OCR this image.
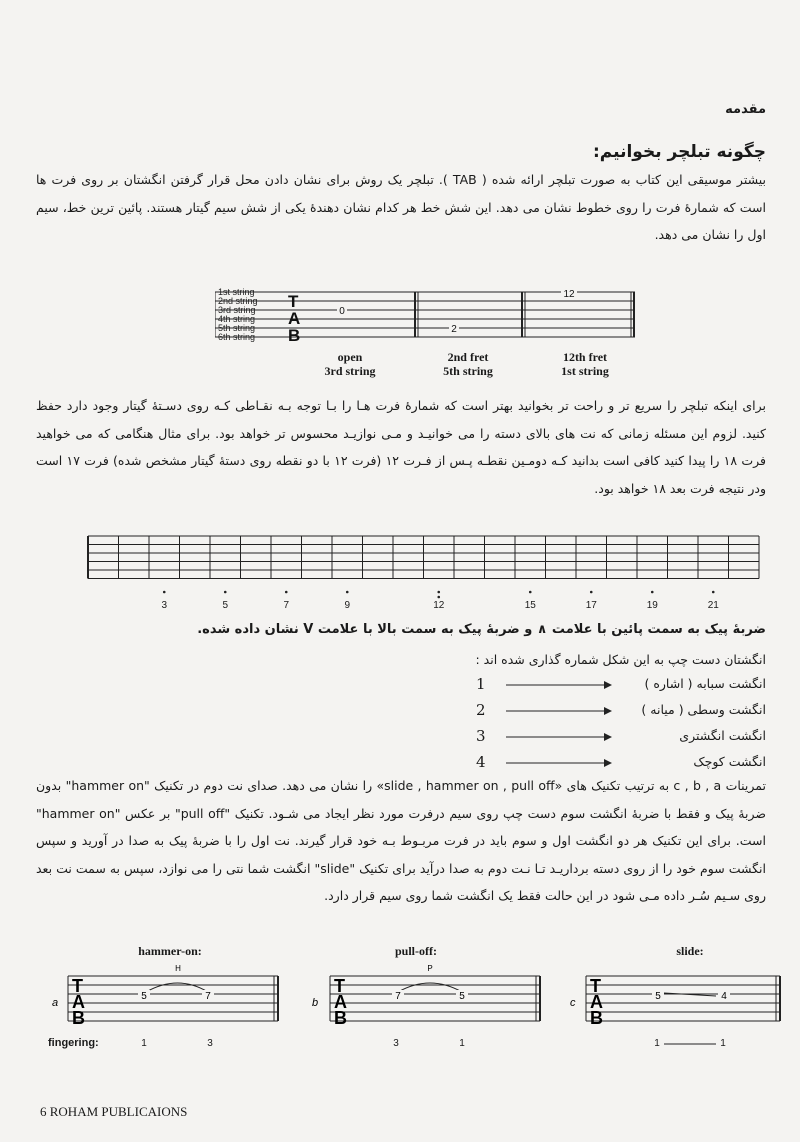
مقدمه
چگونه تبلچر بخوانیم:
بیشتر موسیقی این کتاب به صورت تبلچر ارائه شده ( TAB ). تبلچر یک روش برای نشان دادن محل قرار گرفتن انگشتان بر روی فرت ها است که شمارهٔ فرت را روی خطوط نشان می دهد. این شش خط هر کدام نشان دهندهٔ یکی از شش سیم گیتار هستند. پائین ترین خط، سیم اول را نشان می دهد.
1st string
2nd string
3rd string
4th string
5th string
6th string
T
A
B
0
2
12
open
3rd string
2nd fret
5th string
12th fret
1st string
برای اینکه تبلچر را سریع تر و راحت تر بخوانید بهتر است که شمارهٔ فرت هـا را بـا توجه بـه نقـاطی کـه روی دسـتهٔ گیتار وجود دارد حفظ کنید. لزوم این مسئله زمانی که نت های بالای دسته را می خوانیـد و مـی نوازیـد محسوس تر خواهد بود. برای مثال هنگامی که می خواهید فرت ۱۸ را پیدا کنید کافی است بدانید کـه دومـین نقطـه پـس از فـرت ۱۲ (فرت ۱۲ با دو نقطه روی دستهٔ گیتار مشخص شده) فرت ۱۷ است ودر نتیجه فرت بعد ۱۸ خواهد بود.
3	5	7	9	12	15	17	19	21
ضربهٔ پیک به سمت پائین با علامت ∧ و ضربهٔ پیک به سمت بالا با علامت V نشان داده شده.
انگشتان دست چپ به این شکل شماره گذاری شده اند :
انگشت سبابه ( اشاره )
1
انگشت وسطی ( میانه )
2
انگشت انگشتری
3
انگشت کوچک
4
تمرینات c , b , a به ترتیب تکنیک های «slide , hammer on , pull off» را نشان می دهد. صدای نت دوم در تکنیک "hammer on" بدون ضربهٔ پیک و فقط با ضربهٔ انگشت سوم دست چپ روی سیم درفرت مورد نظر ایجاد می شـود. تکنیک "pull off" بر عکس "hammer on" است. برای این تکنیک هر دو انگشت اول و سوم باید در فرت مربـوط بـه خود قرار گیرند. نت اول را با ضربهٔ پیک به صدا در آورید و سپس انگشت سوم خود را از روی دسته برداریـد تـا نـت دوم به صدا درآید برای تکنیک "slide" انگشت شما نتی را می نوازد، سپس به سمت نت بعد روی سـیم سُـر داده مـی شود در این حالت فقط یک انگشت شما روی سیم قرار دارد.
hammer-on:	pull-off:	slide:
H
T
A
B
5	7
a
P
T
A
B
7	5
b
T
A
B
5	4
c
fingering:	1	3	3	1	1	1
6 ROHAM PUBLICAIONS
